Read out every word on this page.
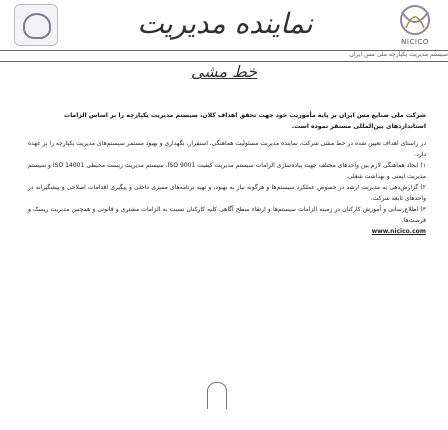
نماینده مدیریت
NICICO
سیستم مدیریت یکپارچه ملی مس ایران
خط مشی
شرکت ملی صنایع مس ایران بر پایه مأموریت خود جهت تحقق اهداف کلان، سیستم مدیریت یکپارچه را بر اساس الزامات استانداردهای بین‌المللی مستقر نموده است.

در راستای اهداف تعیین شده در خط مشی شرکت، نماینده مدیریت مسئولیت هماهنگی، استقرار، نگهداری و بهبود مستمر سیستم‌های مدیریت یکپارچه را بر عهده دارد.

۱) ایجاد هماهنگی لازم بین واحدهای مختلف جهت پیاده‌سازی الزامات سیستم مدیریت کیفیت ISO 9001، سیستم مدیریت زیست محیطی ISO 14001 و سیستم مدیریت ایمنی و بهداشت شغلی.

۲) گزارش‌دهی به مدیریت ارشد در خصوص عملکرد سیستم‌ها و هرگونه نیاز به بهبود، و تهیه برنامه‌های ممیزی داخلی و پیگیری اقدامات اصلاحی و پیشگیرانه در واحدهای تابعه شرکت.

۳) اطلاع‌رسانی و آموزش کارکنان در زمینه الزامات سیستم‌ها و ارتقاء سطح آگاهی کلیه کارکنان نسبت به الزامات مشتری و قانونی و همچنین مدیریت ریسک و فرصت‌ها.

www.nicico.com
